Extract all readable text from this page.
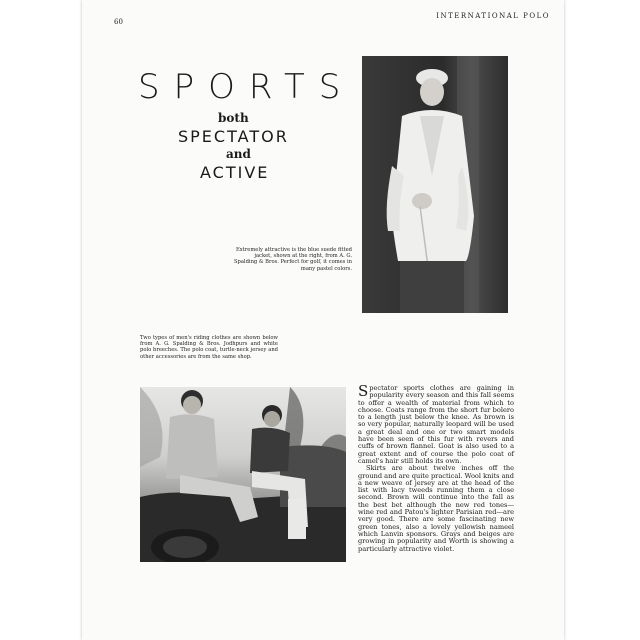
60
INTERNATIONAL POLO
SPORTS
both
SPECTATOR
and
ACTIVE
Extremely attractive is the blue suede fitted jacket, shown at the right, from A. G. Spalding & Bros. Perfect for golf, it comes in many pastel colors.
Two types of men's riding clothes are shown below from A. G. Spalding & Bros. Jodhpurs and white polo breeches. The polo coat, turtle-neck jersey and other accessories are from the same shop.

Spectator sports clothes are gaining in popularity every season and this fall seems to offer a wealth of material from which to choose. Coats range from the short fur bolero to a length just below the knee. As brown is so very popular, naturally leopard will be used a great deal and one or two smart models have been seen of this fur with revers and cuffs of brown flannel. Goat is also used to a great extent and of course the polo coat of camel's hair still holds its own.

Skirts are about twelve inches off the ground and are quite practical. Wool knits and a new weave of jersey are at the head of the list with lacy tweeds running them a close second. Brown will continue into the fall as the best bet although the new red tones—wine red and Patou's lighter Parisian red—are very good. There are some fascinating new green tones, also a lovely yellowish nameel which Lanvin sponsors. Grays and beiges are growing in popularity and Worth is showing a particularly attractive violet.
